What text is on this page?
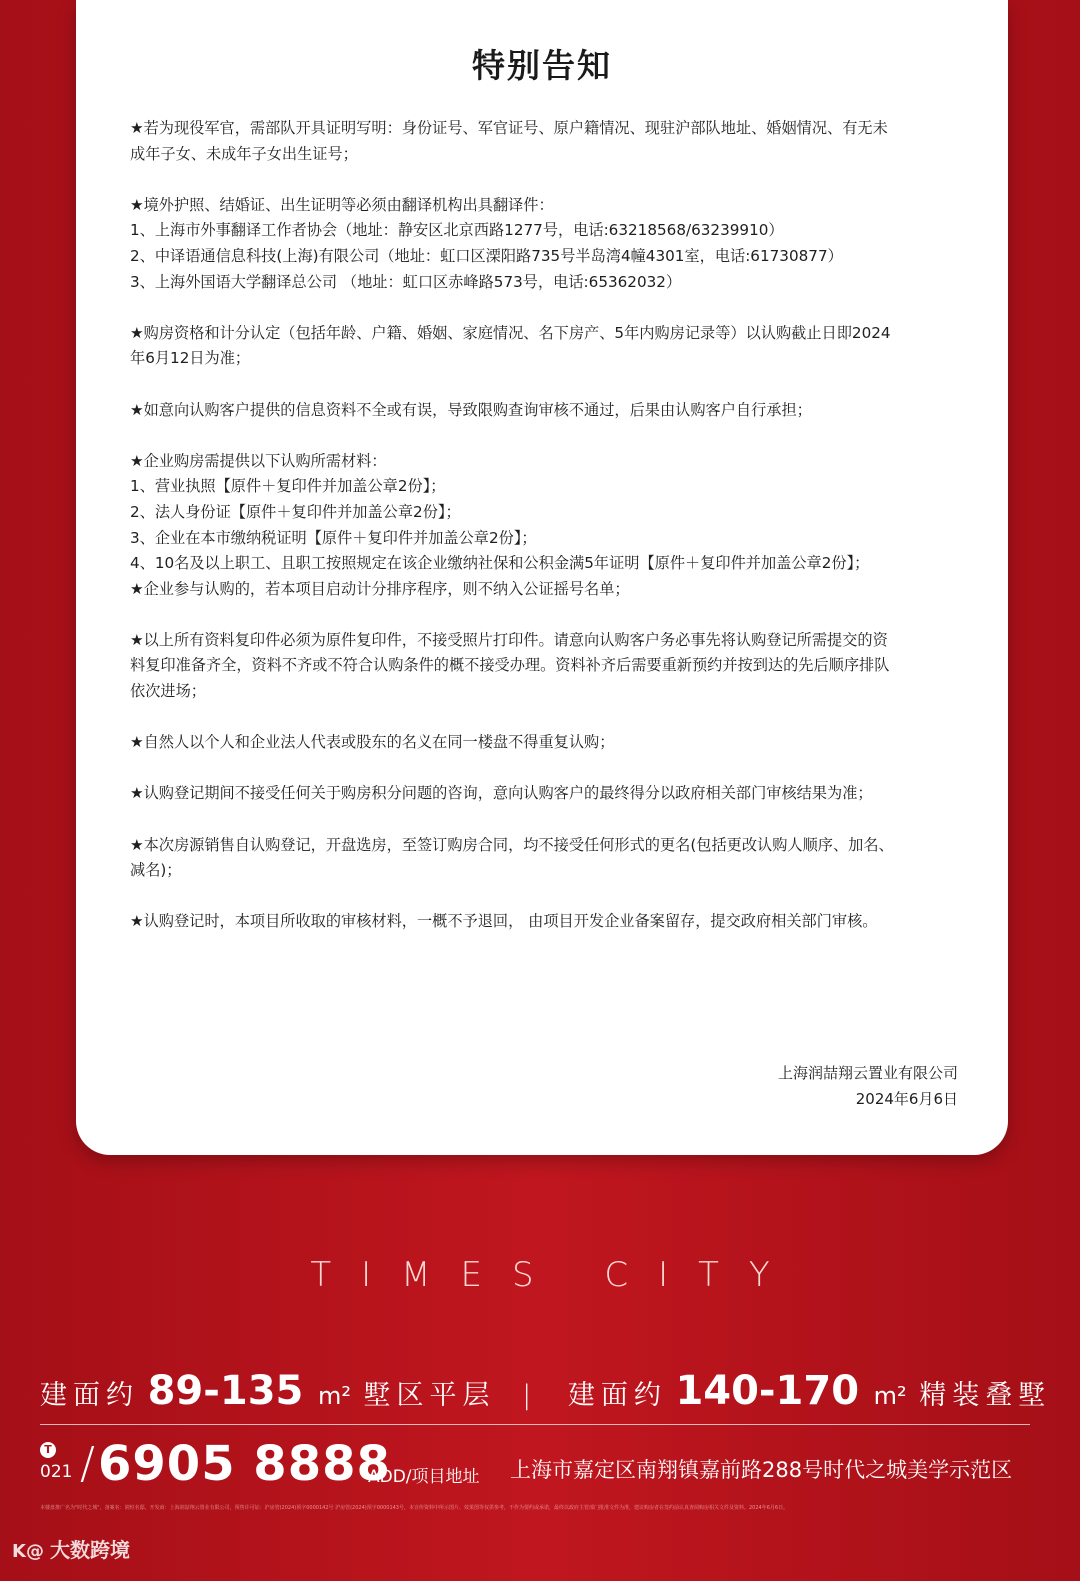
特别告知

★若为现役军官，需部队开具证明写明：身份证号、军官证号、原户籍情况、现驻沪部队地址、婚姻情况、有无未

成年子女、未成年子女出生证号；

★境外护照、结婚证、出生证明等必须由翻译机构出具翻译件：

1、上海市外事翻译工作者协会（地址：静安区北京西路1277号，电话:63218568/63239910）

2、中译语通信息科技(上海)有限公司（地址：虹口区溧阳路735号半岛湾4幢4301室，电话:61730877）

3、上海外国语大学翻译总公司 （地址：虹口区赤峰路573号，电话:65362032）

★购房资格和计分认定（包括年龄、户籍、婚姻、家庭情况、名下房产、5年内购房记录等）以认购截止日即2024

年6月12日为准；

★如意向认购客户提供的信息资料不全或有误，导致限购查询审核不通过，后果由认购客户自行承担；

★企业购房需提供以下认购所需材料：

1、营业执照【原件＋复印件并加盖公章2份】；

2、法人身份证【原件＋复印件并加盖公章2份】；

3、企业在本市缴纳税证明【原件＋复印件并加盖公章2份】；

4、10名及以上职工、且职工按照规定在该企业缴纳社保和公积金满5年证明【原件＋复印件并加盖公章2份】；

★企业参与认购的，若本项目启动计分排序程序，则不纳入公证摇号名单；

★以上所有资料复印件必须为原件复印件，不接受照片打印件。请意向认购客户务必事先将认购登记所需提交的资

料复印准备齐全，资料不齐或不符合认购条件的概不接受办理。资料补齐后需要重新预约并按到达的先后顺序排队

依次进场；

★自然人以个人和企业法人代表或股东的名义在同一楼盘不得重复认购；

★认购登记期间不接受任何关于购房积分问题的咨询，意向认购客户的最终得分以政府相关部门审核结果为准；

★本次房源销售自认购登记，开盘选房，至签订购房合同，均不接受任何形式的更名(包括更改认购人顺序、加名、

减名)；

★认购登记时，本项目所收取的审核材料，一概不予退回， 由项目开发企业备案留存，提交政府相关部门审核。

上海润喆翔云置业有限公司
2024年6月6日
TIMES CITY
建面约 89-135 m² 墅区平层 | 建面约 140-170 m² 精装叠墅
T
021 / 6905 8888
ADD/项目地址 上海市嘉定区南翔镇嘉前路288号时代之城美学示范区
本楼盘推广名为"时代之城"，备案名：润恒名邸，开发商：上海润喆翔云置业有限公司，预售许可证：沪房管(2024)预字0000142号 沪房管(2024)预字0000143号，本宣传资料中所示图片、效果图等仅供参考，不作为要约或承诺，最终以政府主管部门批准文件为准，建议购房者在签约前认真查阅购房相关文件及资料。2024年6月6日。
K@ 大数跨境
